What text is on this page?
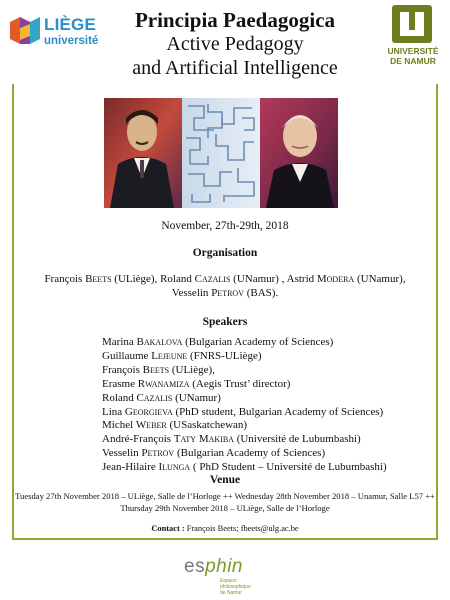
LIÈGE
université
UNIVERSITÉ
DE NAMUR
Principia Paedagogica
Active Pedagogy
and Artificial Intelligence
November, 27th-29th, 2018
Organisation
François Beets (ULiège), Roland Cazalis (UNamur) , Astrid Modera (UNamur),
Vesselin Petrov (BAS).
Speakers
Marina Bakalova (Bulgarian Academy of Sciences)
Guillaume Lejeune (FNRS-ULiège)
François Beets (ULiège),
Erasme Rwanamiza (Aegis Trust’ director)
Roland Cazalis (UNamur)
Lina Georgieva (PhD student, Bulgarian Academy of Sciences)
Michel Weber (USaskatchewan)
André-François Taty Makiba (Université de Lubumbashi)
Vesselin Petrov (Bulgarian Academy of Sciences)
Jean-Hilaire Ilunga ( PhD Student – Université de Lubumbashi)
Venue
Tuesday 27th November 2018 – ULiège, Salle de l’Horloge ++ Wednesday 28th November 2018 – Unamur, Salle L57 ++
Thursday 29th November 2018 – ULiège, Salle de l’Horloge
Contact : François Beets; fbeets@ulg.ac.be
esphin
Espace philosophique
de Namur
